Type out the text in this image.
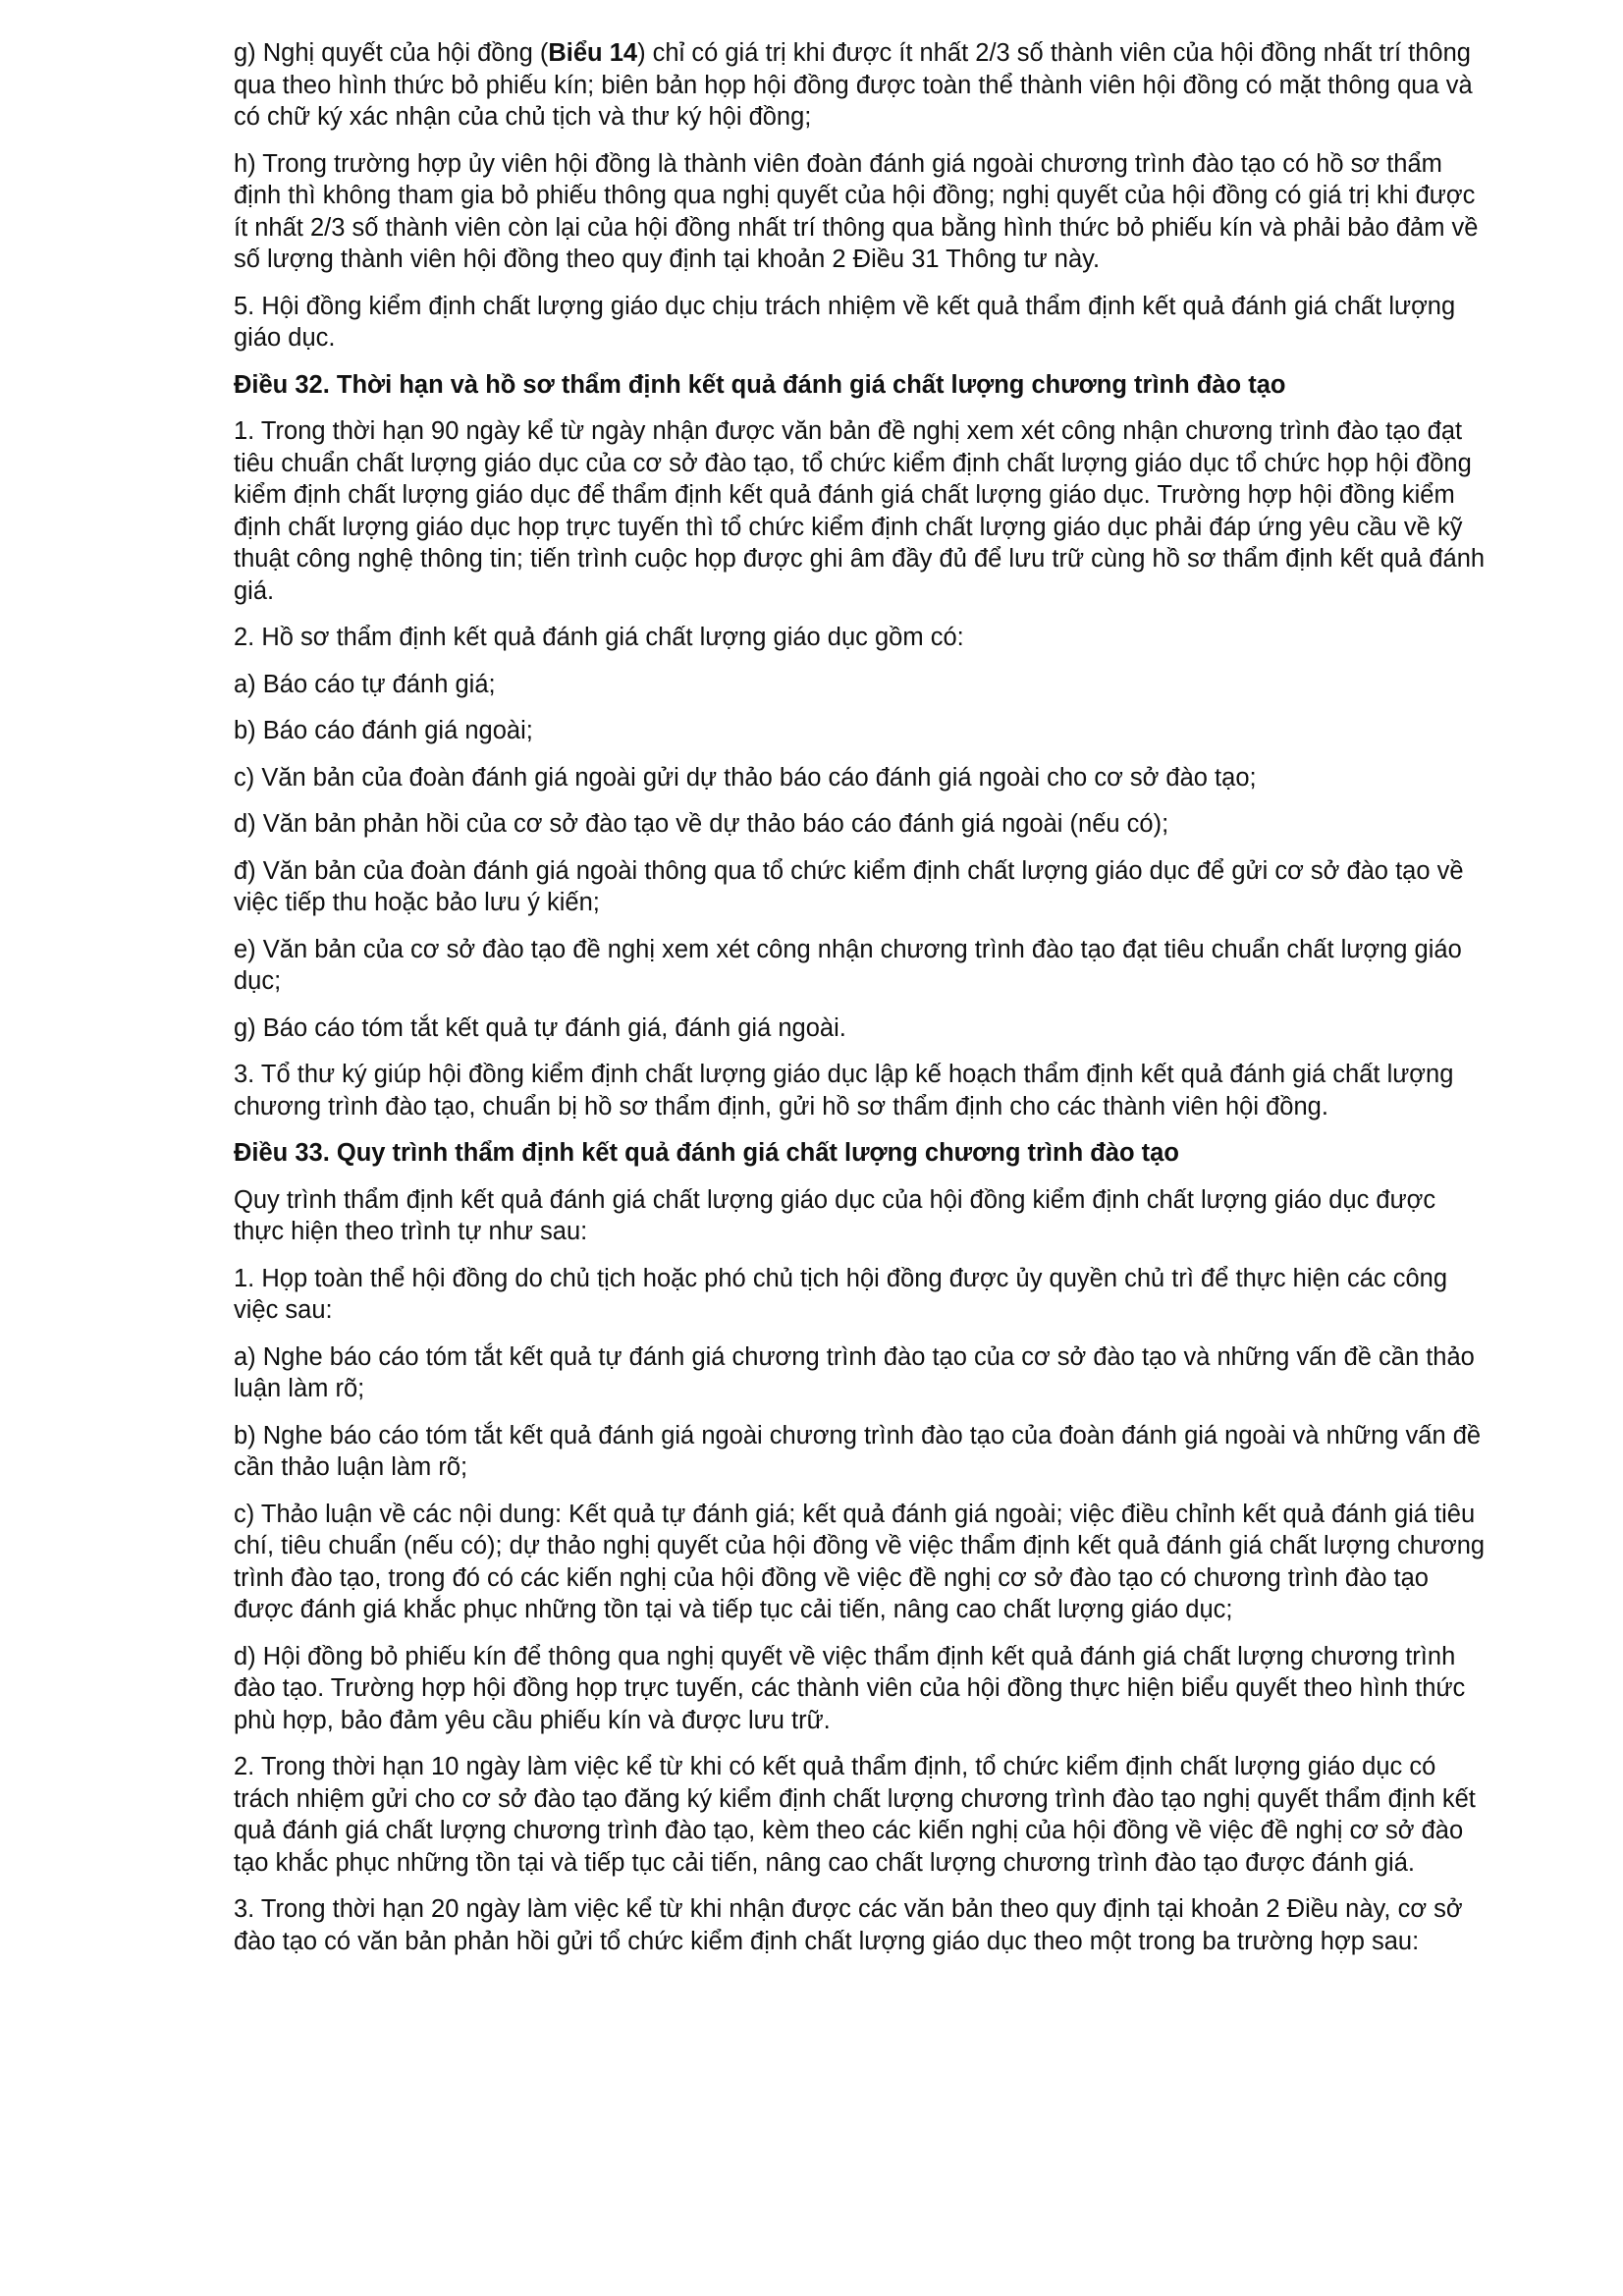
g) Nghị quyết của hội đồng (Biểu 14) chỉ có giá trị khi được ít nhất 2/3 số thành viên của hội đồng nhất trí thông qua theo hình thức bỏ phiếu kín; biên bản họp hội đồng được toàn thể thành viên hội đồng có mặt thông qua và có chữ ký xác nhận của chủ tịch và thư ký hội đồng;

h) Trong trường hợp ủy viên hội đồng là thành viên đoàn đánh giá ngoài chương trình đào tạo có hồ sơ thẩm định thì không tham gia bỏ phiếu thông qua nghị quyết của hội đồng; nghị quyết của hội đồng có giá trị khi được ít nhất 2/3 số thành viên còn lại của hội đồng nhất trí thông qua bằng hình thức bỏ phiếu kín và phải bảo đảm về số lượng thành viên hội đồng theo quy định tại khoản 2 Điều 31 Thông tư này.

5. Hội đồng kiểm định chất lượng giáo dục chịu trách nhiệm về kết quả thẩm định kết quả đánh giá chất lượng giáo dục.

Điều 32. Thời hạn và hồ sơ thẩm định kết quả đánh giá chất lượng chương trình đào tạo

1. Trong thời hạn 90 ngày kể từ ngày nhận được văn bản đề nghị xem xét công nhận chương trình đào tạo đạt tiêu chuẩn chất lượng giáo dục của cơ sở đào tạo, tổ chức kiểm định chất lượng giáo dục tổ chức họp hội đồng kiểm định chất lượng giáo dục để thẩm định kết quả đánh giá chất lượng giáo dục. Trường hợp hội đồng kiểm định chất lượng giáo dục họp trực tuyến thì tổ chức kiểm định chất lượng giáo dục phải đáp ứng yêu cầu về kỹ thuật công nghệ thông tin; tiến trình cuộc họp được ghi âm đầy đủ để lưu trữ cùng hồ sơ thẩm định kết quả đánh giá.

2. Hồ sơ thẩm định kết quả đánh giá chất lượng giáo dục gồm có:

a) Báo cáo tự đánh giá;

b) Báo cáo đánh giá ngoài;

c) Văn bản của đoàn đánh giá ngoài gửi dự thảo báo cáo đánh giá ngoài cho cơ sở đào tạo;

d) Văn bản phản hồi của cơ sở đào tạo về dự thảo báo cáo đánh giá ngoài (nếu có);

đ) Văn bản của đoàn đánh giá ngoài thông qua tổ chức kiểm định chất lượng giáo dục để gửi cơ sở đào tạo về việc tiếp thu hoặc bảo lưu ý kiến;

e) Văn bản của cơ sở đào tạo đề nghị xem xét công nhận chương trình đào tạo đạt tiêu chuẩn chất lượng giáo dục;

g) Báo cáo tóm tắt kết quả tự đánh giá, đánh giá ngoài.

3. Tổ thư ký giúp hội đồng kiểm định chất lượng giáo dục lập kế hoạch thẩm định kết quả đánh giá chất lượng chương trình đào tạo, chuẩn bị hồ sơ thẩm định, gửi hồ sơ thẩm định cho các thành viên hội đồng.

Điều 33. Quy trình thẩm định kết quả đánh giá chất lượng chương trình đào tạo

Quy trình thẩm định kết quả đánh giá chất lượng giáo dục của hội đồng kiểm định chất lượng giáo dục được thực hiện theo trình tự như sau:

1. Họp toàn thể hội đồng do chủ tịch hoặc phó chủ tịch hội đồng được ủy quyền chủ trì để thực hiện các công việc sau:

a) Nghe báo cáo tóm tắt kết quả tự đánh giá chương trình đào tạo của cơ sở đào tạo và những vấn đề cần thảo luận làm rõ;

b) Nghe báo cáo tóm tắt kết quả đánh giá ngoài chương trình đào tạo của đoàn đánh giá ngoài và những vấn đề cần thảo luận làm rõ;

c) Thảo luận về các nội dung: Kết quả tự đánh giá; kết quả đánh giá ngoài; việc điều chỉnh kết quả đánh giá tiêu chí, tiêu chuẩn (nếu có); dự thảo nghị quyết của hội đồng về việc thẩm định kết quả đánh giá chất lượng chương trình đào tạo, trong đó có các kiến nghị của hội đồng về việc đề nghị cơ sở đào tạo có chương trình đào tạo được đánh giá khắc phục những tồn tại và tiếp tục cải tiến, nâng cao chất lượng giáo dục;

d) Hội đồng bỏ phiếu kín để thông qua nghị quyết về việc thẩm định kết quả đánh giá chất lượng chương trình đào tạo. Trường hợp hội đồng họp trực tuyến, các thành viên của hội đồng thực hiện biểu quyết theo hình thức phù hợp, bảo đảm yêu cầu phiếu kín và được lưu trữ.

2. Trong thời hạn 10 ngày làm việc kể từ khi có kết quả thẩm định, tổ chức kiểm định chất lượng giáo dục có trách nhiệm gửi cho cơ sở đào tạo đăng ký kiểm định chất lượng chương trình đào tạo nghị quyết thẩm định kết quả đánh giá chất lượng chương trình đào tạo, kèm theo các kiến nghị của hội đồng về việc đề nghị cơ sở đào tạo khắc phục những tồn tại và tiếp tục cải tiến, nâng cao chất lượng chương trình đào tạo được đánh giá.

3. Trong thời hạn 20 ngày làm việc kể từ khi nhận được các văn bản theo quy định tại khoản 2 Điều này, cơ sở đào tạo có văn bản phản hồi gửi tổ chức kiểm định chất lượng giáo dục theo một trong ba trường hợp sau:
